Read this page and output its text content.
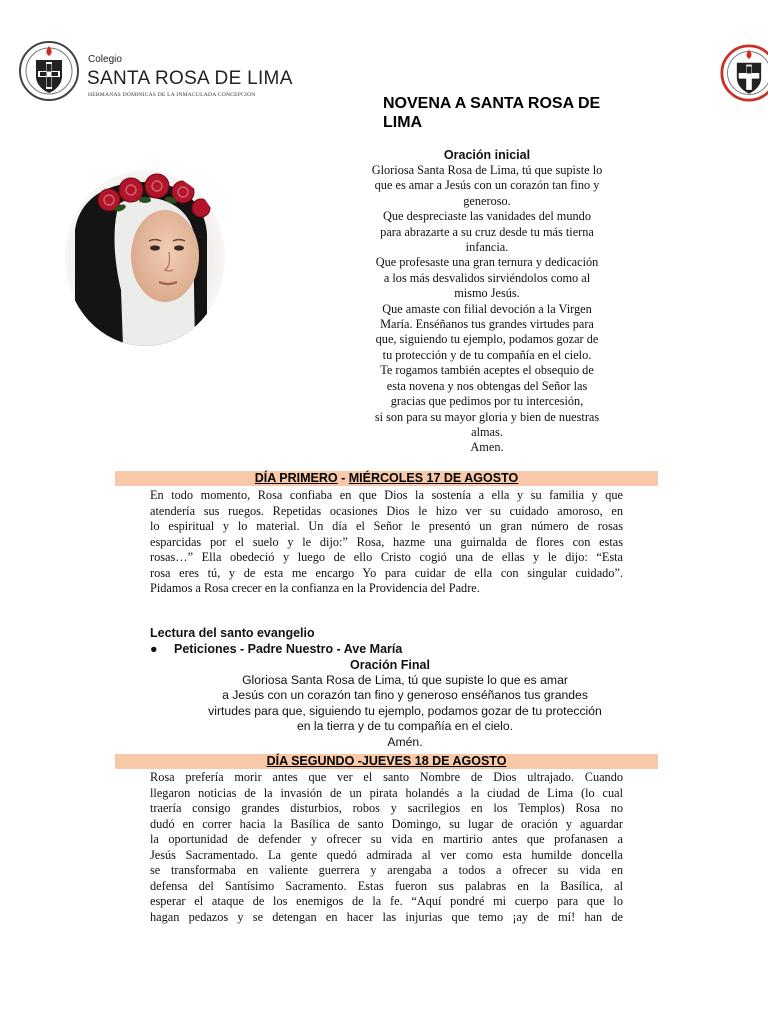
Colegio
SANTA ROSA DE LIMA
HERMANAS DOMINICAS DE LA INMACULADA CONCEPCION	NOVENA A SANTA ROSA DE
LIMA
Oración inicial
Gloriosa Santa Rosa de Lima, tú que supiste lo
que es amar a Jesús con un corazón tan fino y
generoso.
Que despreciaste las vanidades del mundo
para abrazarte a su cruz desde tu más tierna
infancia.
Que profesaste una gran ternura y dedicación
a los más desvalidos sirviéndolos como al
mismo Jesús.
Que amaste con filial devoción a la Virgen
María. Enséñanos tus grandes virtudes para
que, siguiendo tu ejemplo, podamos gozar de
tu protección y de tu compañía en el cielo.
Te rogamos también aceptes el obsequio de
esta novena y nos obtengas del Señor las
gracias que pedimos por tu intercesión,
si son para su mayor gloria y bien de nuestras
almas.
Amen.
DÍA PRIMERO - MIÉRCOLES 17 DE AGOSTO
En todo momento, Rosa confiaba en que Dios la sostenía a ella y su familia y que
atendería sus ruegos. Repetidas ocasiones Dios le hizo ver su cuidado amoroso, en
lo espiritual y lo material. Un día el Señor le presentó un gran número de rosas
esparcidas por el suelo y le dijo:” Rosa, hazme una guirnalda de flores con estas
rosas…” Ella obedeció y luego de ello Cristo cogió una de ellas y le dijo: “Esta
rosa eres tú, y de esta me encargo Yo para cuidar de ella con singular cuidado”.
Pidamos a Rosa crecer en la confianza en la Providencia del Padre.
Lectura del santo evangelio
● Peticiones - Padre Nuestro - Ave María
Oración Final
Gloriosa Santa Rosa de Lima, tú que supiste lo que es amar
a Jesús con un corazón tan fino y generoso enséñanos tus grandes
virtudes para que, siguiendo tu ejemplo, podamos gozar de tu protección
en la tierra y de tu compañía en el cielo.
Amén.
DÍA SEGUNDO -JUEVES 18 DE AGOSTO
Rosa prefería morir antes que ver el santo Nombre de Dios ultrajado. Cuando
llegaron noticias de la invasión de un pirata holandés a la ciudad de Lima (lo cual
traería consigo grandes disturbios, robos y sacrilegios en los Templos) Rosa no
dudó en correr hacia la Basílica de santo Domingo, su lugar de oración y aguardar
la oportunidad de defender y ofrecer su vida en martirio antes que profanasen a
Jesús Sacramentado. La gente quedó admirada al ver como esta humilde doncella
se transformaba en valiente guerrera y arengaba a todos a ofrecer su vida en
defensa del Santísimo Sacramento. Estas fueron sus palabras en la Basílica, al
esperar el ataque de los enemigos de la fe. “Aquí pondré mi cuerpo para que lo
hagan pedazos y se detengan en hacer las injurias que temo ¡ay de mí! han de
